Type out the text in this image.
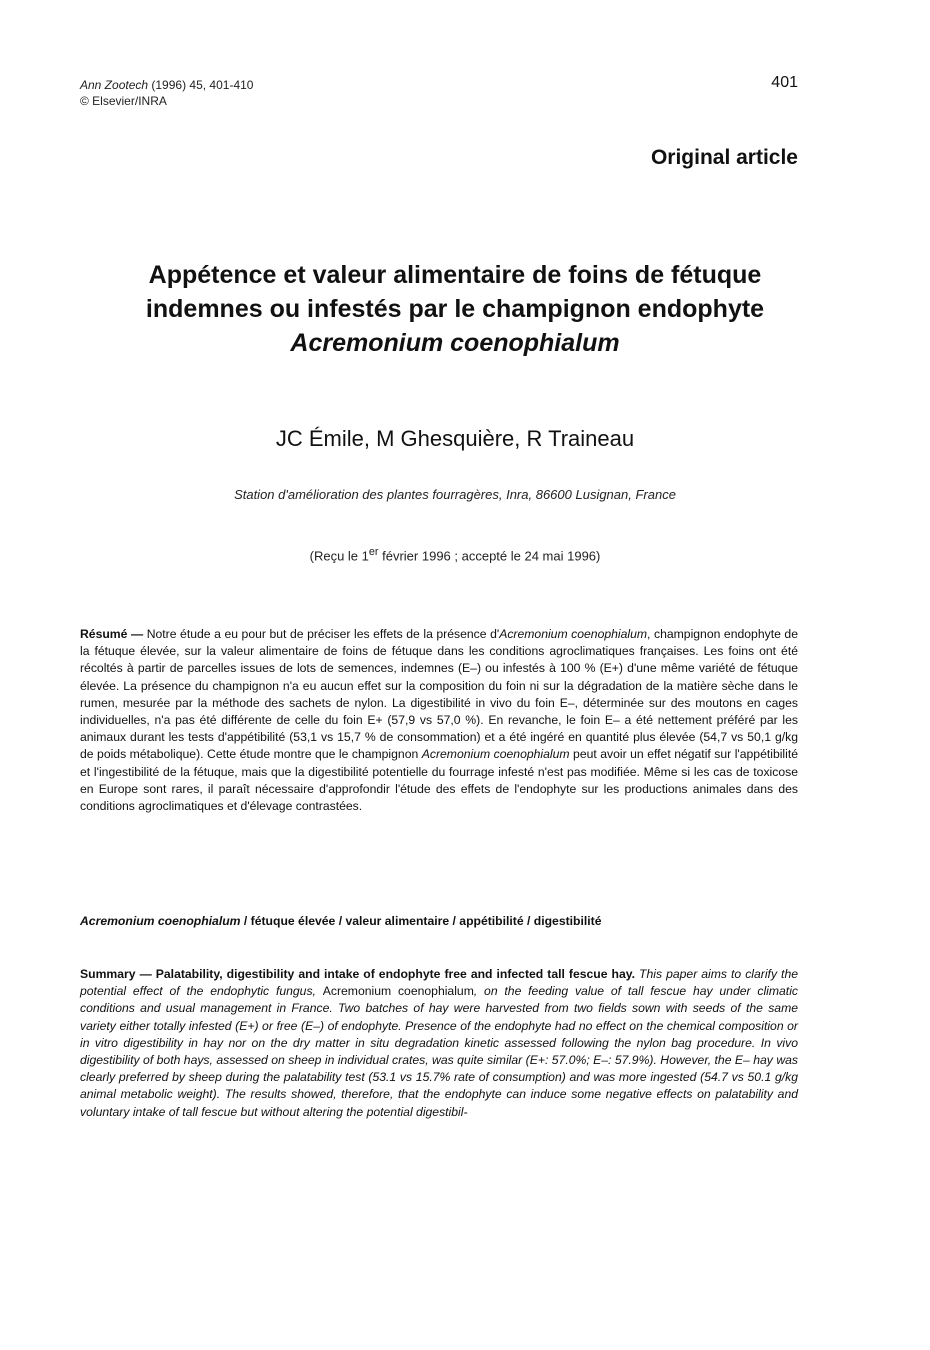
Ann Zootech (1996) 45, 401-410
© Elsevier/INRA
401
Original article
Appétence et valeur alimentaire de foins de fétuque
indemnes ou infestés par le champignon endophyte
Acremonium coenophialum
JC Émile, M Ghesquière, R Traineau
Station d'amélioration des plantes fourragères, Inra, 86600 Lusignan, France
(Reçu le 1er février 1996 ; accepté le 24 mai 1996)
Résumé — Notre étude a eu pour but de préciser les effets de la présence d'Acremonium coenophialum, champignon endophyte de la fétuque élevée, sur la valeur alimentaire de foins de fétuque dans les conditions agroclimatiques françaises. Les foins ont été récoltés à partir de parcelles issues de lots de semences, indemnes (E–) ou infestés à 100 % (E+) d'une même variété de fétuque élevée. La présence du champignon n'a eu aucun effet sur la composition du foin ni sur la dégradation de la matière sèche dans le rumen, mesurée par la méthode des sachets de nylon. La digestibilité in vivo du foin E–, déterminée sur des moutons en cages individuelles, n'a pas été différente de celle du foin E+ (57,9 vs 57,0 %). En revanche, le foin E– a été nettement préféré par les animaux durant les tests d'appétibilité (53,1 vs 15,7 % de consommation) et a été ingéré en quantité plus élevée (54,7 vs 50,1 g/kg de poids métabolique). Cette étude montre que le champignon Acremonium coenophialum peut avoir un effet négatif sur l'appétibilité et l'ingestibilité de la fétuque, mais que la digestibilité potentielle du fourrage infesté n'est pas modifiée. Même si les cas de toxicose en Europe sont rares, il paraît nécessaire d'approfondir l'étude des effets de l'endophyte sur les productions animales dans des conditions agroclimatiques et d'élevage contrastées.
Acremonium coenophialum / fétuque élevée / valeur alimentaire / appétibilité / digestibilité
Summary — Palatability, digestibility and intake of endophyte free and infected tall fescue hay. This paper aims to clarify the potential effect of the endophytic fungus, Acremonium coenophialum, on the feeding value of tall fescue hay under climatic conditions and usual management in France. Two batches of hay were harvested from two fields sown with seeds of the same variety either totally infested (E+) or free (E–) of endophyte. Presence of the endophyte had no effect on the chemical composition or in vitro digestibility in hay nor on the dry matter in situ degradation kinetic assessed following the nylon bag procedure. In vivo digestibility of both hays, assessed on sheep in individual crates, was quite similar (E+: 57.0%; E–: 57.9%). However, the E– hay was clearly preferred by sheep during the palatability test (53.1 vs 15.7% rate of consumption) and was more ingested (54.7 vs 50.1 g/kg animal metabolic weight). The results showed, therefore, that the endophyte can induce some negative effects on palatability and voluntary intake of tall fescue but without altering the potential digestibil-
